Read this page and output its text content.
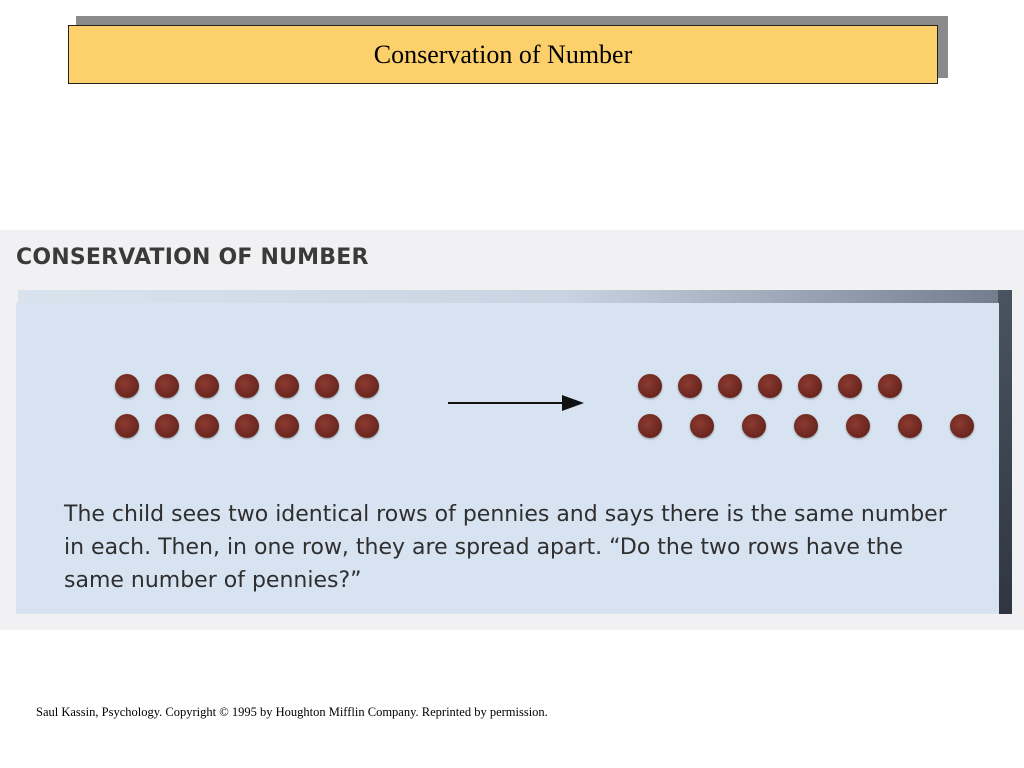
Conservation of Number
CONSERVATION OF NUMBER
The child sees two identical rows of pennies and says there is the same number in each. Then, in one row, they are spread apart. “Do the two rows have the same number of pennies?”
Saul Kassin, Psychology. Copyright © 1995 by Houghton Mifflin Company. Reprinted by permission.
